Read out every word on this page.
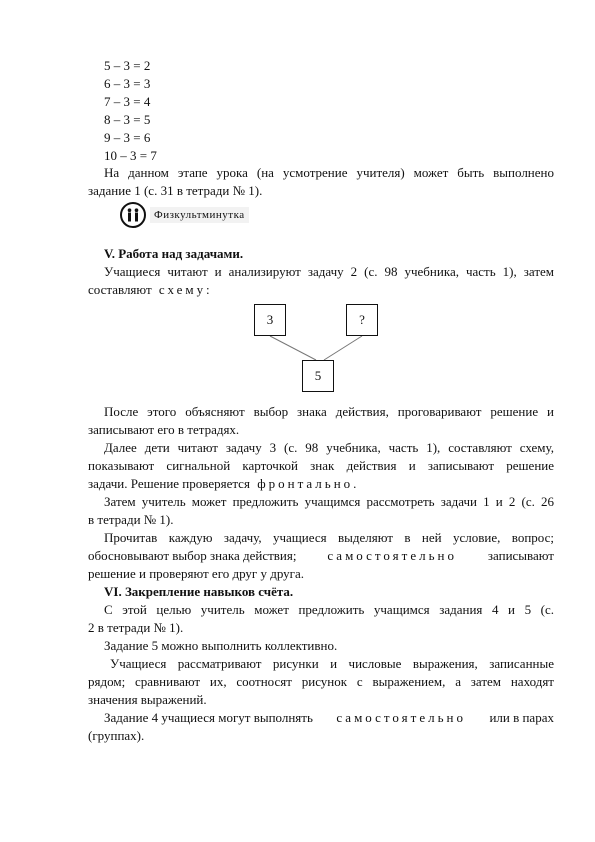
5 – 3 = 2
6 – 3 = 3
7 – 3 = 4
8 – 3 = 5
9 – 3 = 6
10 – 3 = 7
На данном этапе урока (на усмотрение учителя) может быть выполнено
задание 1 (с. 31 в тетради № 1).
Физкультминутка
V. Работа над задачами.
Учащиеся читают и анализируют задачу 2 (с. 98 учебника, часть 1), затем
составляют схему:
3	?
5
После этого объясняют выбор знака действия, проговаривают решение и
записывают его в тетрадях.
Далее дети читают задачу 3 (с. 98 учебника, часть 1), составляют схему,
показывают сигнальной карточкой знак действия и записывают решение
задачи. Решение проверяется фронтально.
Затем учитель может предложить учащимся рассмотреть задачи 1 и 2 (с. 26
в тетради № 1).
Прочитав каждую задачу, учащиеся выделяют в ней условие, вопрос;
обосновывают выбор знака действия; самостоятельно записывают
решение и проверяют его друг у друга.
VI. Закрепление навыков счёта.
С этой целью учитель может предложить учащимся задания 4 и 5 (с.
2 в тетради № 1).
Задание 5 можно выполнить коллективно.
Учащиеся рассматривают рисунки и числовые выражения, записанные
рядом; сравнивают их, соотносят рисунок с выражением, а затем находят
значения выражений.
Задание 4 учащиеся могут выполнять самостоятельно или в парах
(группах).
